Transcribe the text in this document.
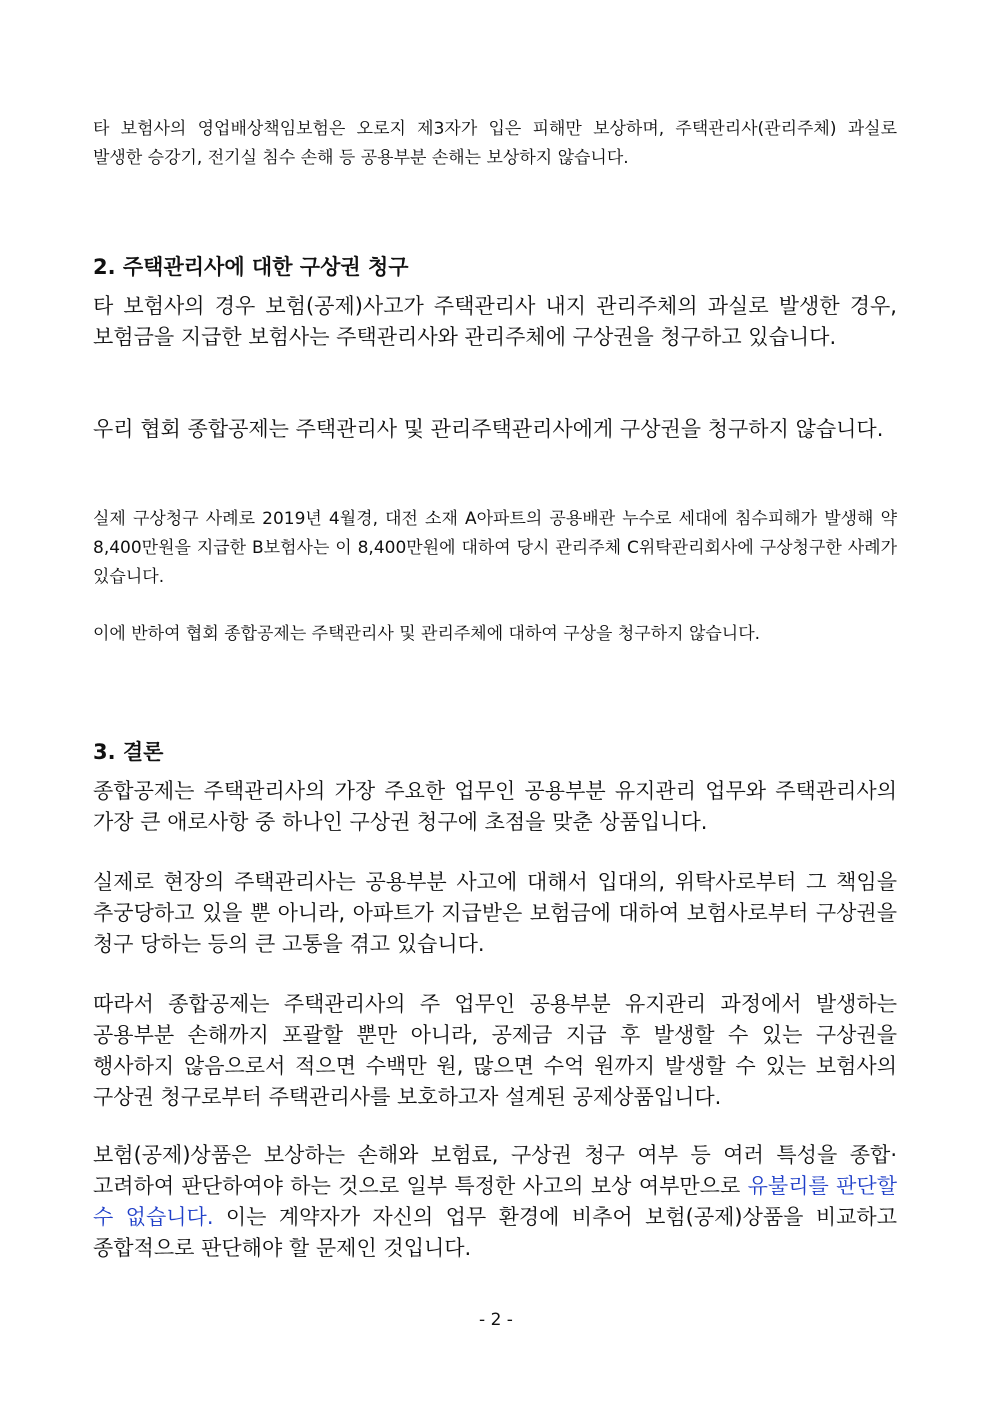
타 보험사의 영업배상책임보험은 오로지 제3자가 입은 피해만 보상하며, 주택관리사(관리주체) 과실로 발생한 승강기, 전기실 침수 손해 등 공용부분 손해는 보상하지 않습니다.

2. 주택관리사에 대한 구상권 청구

타 보험사의 경우 보험(공제)사고가 주택관리사 내지 관리주체의 과실로 발생한 경우, 보험금을 지급한 보험사는 주택관리사와 관리주체에 구상권을 청구하고 있습니다.

우리 협회 종합공제는 주택관리사 및 관리주택관리사에게 구상권을 청구하지 않습니다.

실제 구상청구 사례로 2019년 4월경, 대전 소재 A아파트의 공용배관 누수로 세대에 침수피해가 발생해 약 8,400만원을 지급한 B보험사는 이 8,400만원에 대하여 당시 관리주체 C위탁관리회사에 구상청구한 사례가 있습니다.

이에 반하여 협회 종합공제는 주택관리사 및 관리주체에 대하여 구상을 청구하지 않습니다.

3. 결론

종합공제는 주택관리사의 가장 주요한 업무인 공용부분 유지관리 업무와 주택관리사의 가장 큰 애로사항 중 하나인 구상권 청구에 초점을 맞춘 상품입니다.

실제로 현장의 주택관리사는 공용부분 사고에 대해서 입대의, 위탁사로부터 그 책임을 추궁당하고 있을 뿐 아니라, 아파트가 지급받은 보험금에 대하여 보험사로부터 구상권을 청구 당하는 등의 큰 고통을 겪고 있습니다.

따라서 종합공제는 주택관리사의 주 업무인 공용부분 유지관리 과정에서 발생하는 공용부분 손해까지 포괄할 뿐만 아니라, 공제금 지급 후 발생할 수 있는 구상권을 행사하지 않음으로서 적으면 수백만 원, 많으면 수억 원까지 발생할 수 있는 보험사의 구상권 청구로부터 주택관리사를 보호하고자 설계된 공제상품입니다.

보험(공제)상품은 보상하는 손해와 보험료, 구상권 청구 여부 등 여러 특성을 종합·고려하여 판단하여야 하는 것으로 일부 특정한 사고의 보상 여부만으로 유불리를 판단할 수 없습니다. 이는 계약자가 자신의 업무 환경에 비추어 보험(공제)상품을 비교하고 종합적으로 판단해야 할 문제인 것입니다.

- 2 -
